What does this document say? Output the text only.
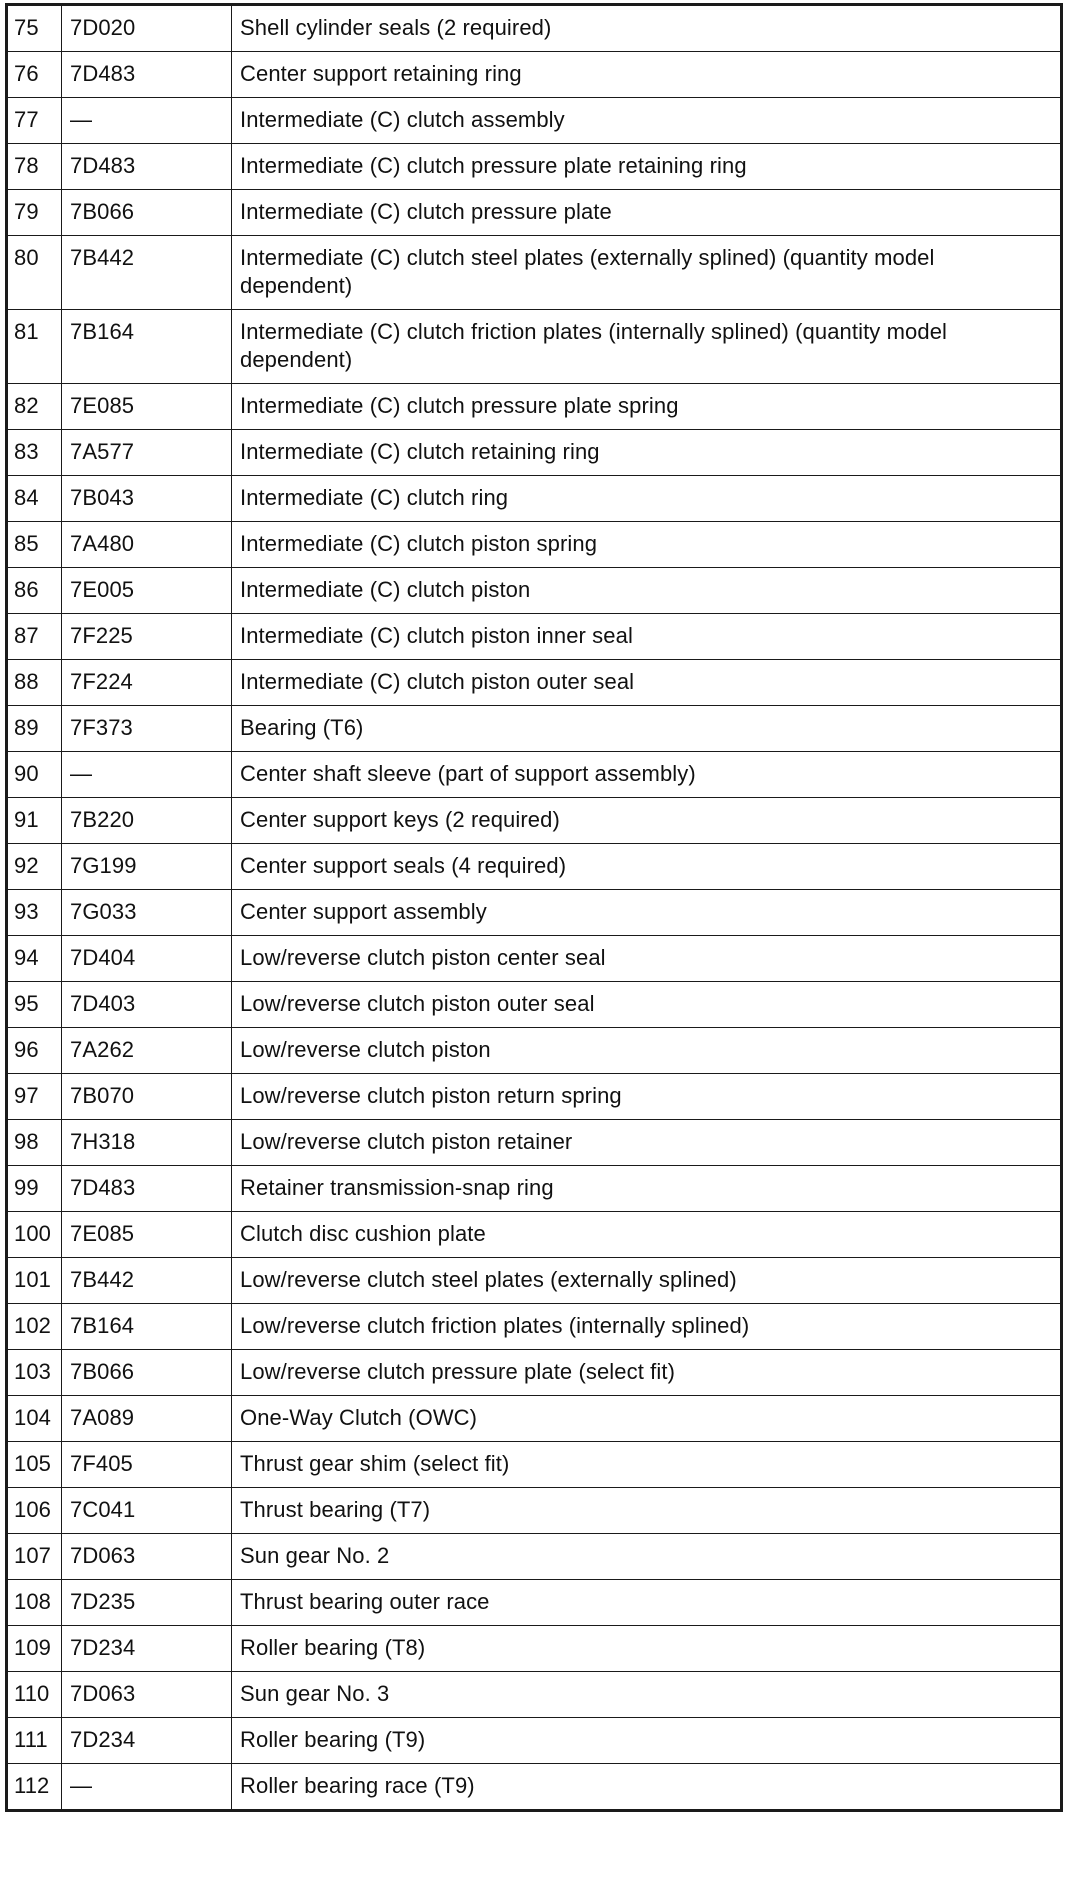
75	7D020	Shell cylinder seals (2 required)
76	7D483	Center support retaining ring
77	—	Intermediate (C) clutch assembly
78	7D483	Intermediate (C) clutch pressure plate retaining ring
79	7B066	Intermediate (C) clutch pressure plate
80	7B442	Intermediate (C) clutch steel plates (externally splined) (quantity model dependent)
81	7B164	Intermediate (C) clutch friction plates (internally splined) (quantity model dependent)
82	7E085	Intermediate (C) clutch pressure plate spring
83	7A577	Intermediate (C) clutch retaining ring
84	7B043	Intermediate (C) clutch ring
85	7A480	Intermediate (C) clutch piston spring
86	7E005	Intermediate (C) clutch piston
87	7F225	Intermediate (C) clutch piston inner seal
88	7F224	Intermediate (C) clutch piston outer seal
89	7F373	Bearing (T6)
90	—	Center shaft sleeve (part of support assembly)
91	7B220	Center support keys (2 required)
92	7G199	Center support seals (4 required)
93	7G033	Center support assembly
94	7D404	Low/reverse clutch piston center seal
95	7D403	Low/reverse clutch piston outer seal
96	7A262	Low/reverse clutch piston
97	7B070	Low/reverse clutch piston return spring
98	7H318	Low/reverse clutch piston retainer
99	7D483	Retainer transmission-snap ring
100	7E085	Clutch disc cushion plate
101	7B442	Low/reverse clutch steel plates (externally splined)
102	7B164	Low/reverse clutch friction plates (internally splined)
103	7B066	Low/reverse clutch pressure plate (select fit)
104	7A089	One-Way Clutch (OWC)
105	7F405	Thrust gear shim (select fit)
106	7C041	Thrust bearing (T7)
107	7D063	Sun gear No. 2
108	7D235	Thrust bearing outer race
109	7D234	Roller bearing (T8)
110	7D063	Sun gear No. 3
111	7D234	Roller bearing (T9)
112	—	Roller bearing race (T9)
